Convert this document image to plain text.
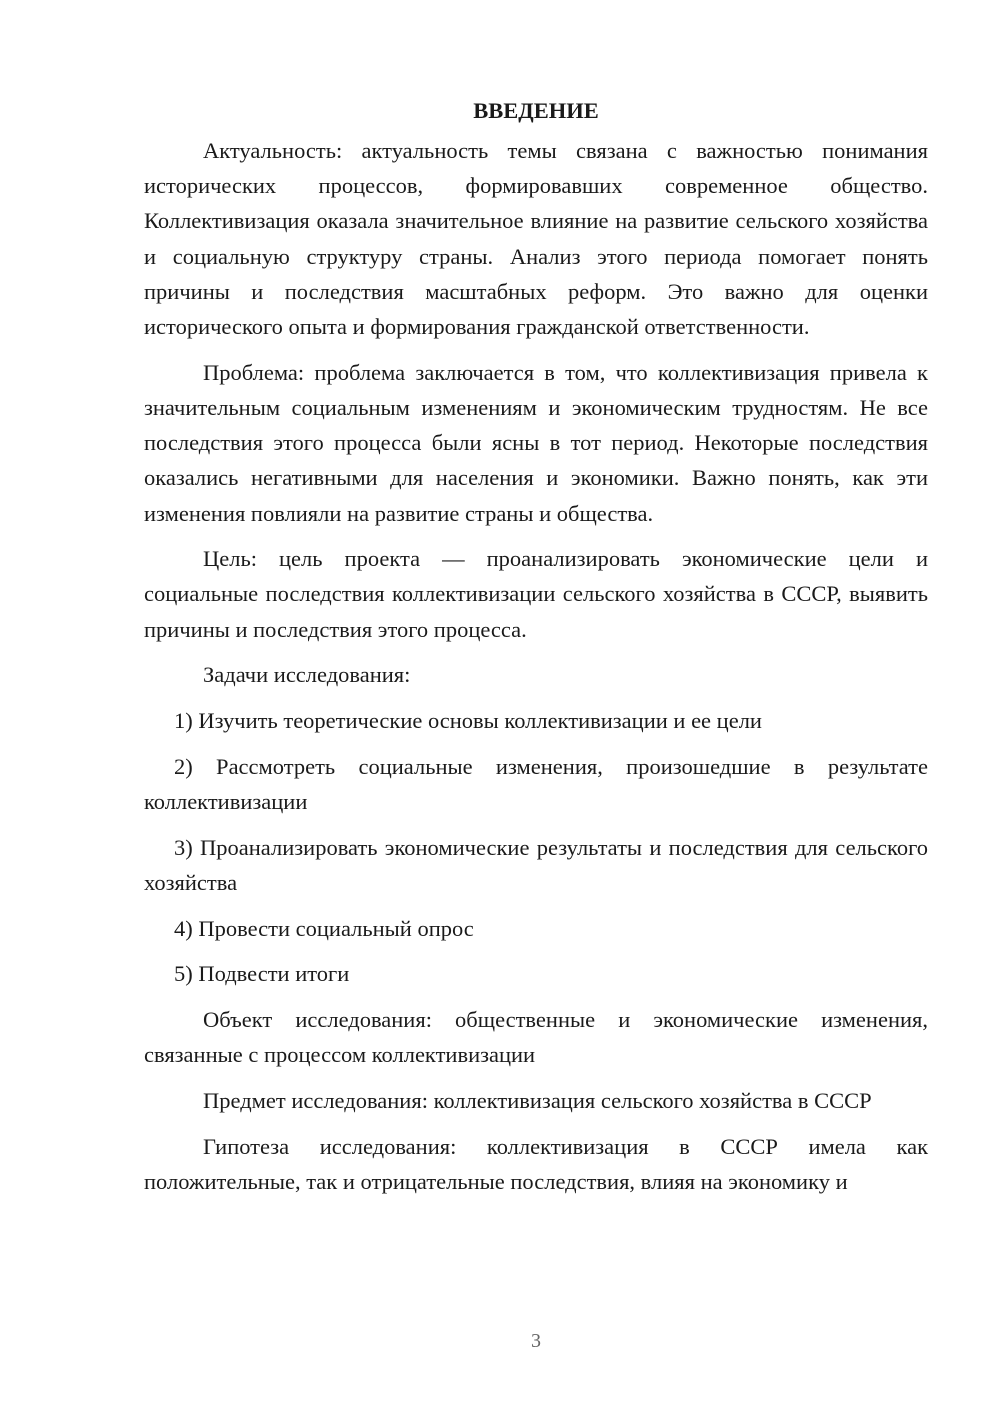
ВВЕДЕНИЕ

Актуальность: актуальность темы связана с важностью понимания исторических процессов, формировавших современное общество. Коллективизация оказала значительное влияние на развитие сельского хозяйства и социальную структуру страны. Анализ этого периода помогает понять причины и последствия масштабных реформ. Это важно для оценки исторического опыта и формирования гражданской ответственности.

Проблема: проблема заключается в том, что коллективизация привела к значительным социальным изменениям и экономическим трудностям. Не все последствия этого процесса были ясны в тот период. Некоторые последствия оказались негативными для населения и экономики. Важно понять, как эти изменения повлияли на развитие страны и общества.

Цель: цель проекта — проанализировать экономические цели и социальные последствия коллективизации сельского хозяйства в СССР, выявить причины и последствия этого процесса.

Задачи исследования:

1) Изучить теоретические основы коллективизации и ее цели

2) Рассмотреть социальные изменения, произошедшие в результате коллективизации

3) Проанализировать экономические результаты и последствия для сельского хозяйства

4) Провести социальный опрос

5) Подвести итоги

Объект исследования: общественные и экономические изменения, связанные с процессом коллективизации

Предмет исследования: коллективизация сельского хозяйства в СССР

Гипотеза исследования: коллективизация в СССР имела как положительные, так и отрицательные последствия, влияя на экономику и

3
